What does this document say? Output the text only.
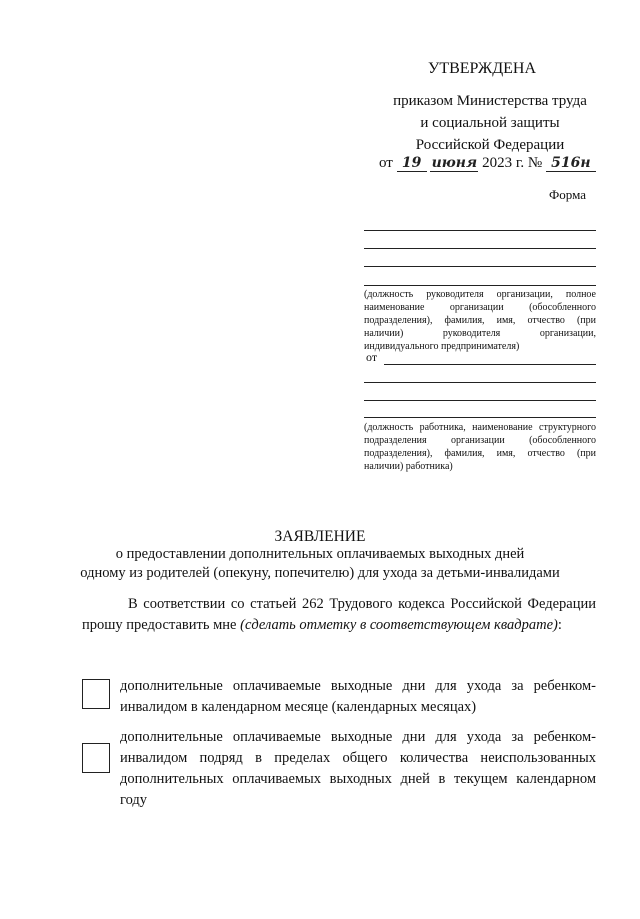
УТВЕРЖДЕНА
приказом Министерства труда
и социальной защиты
Российской Федерации
от 19 июня 2023 г. № 516н
Форма
(должность руководителя организации, полное наименование организации (обособленного подразделения), фамилия, имя, отчество (при наличии) руководителя организации, индивидуального предпринимателя)
от
(должность работника, наименование структурного подразделения организации (обособленного подразделения), фамилия, имя, отчество (при наличии) работника)
ЗАЯВЛЕНИЕ
о предоставлении дополнительных оплачиваемых выходных дней
одному из родителей (опекуну, попечителю) для ухода за детьми-инвалидами
В соответствии со статьей 262 Трудового кодекса Российской Федерации прошу предоставить мне (сделать отметку в соответствующем квадрате):
дополнительные оплачиваемые выходные дни для ухода за ребенком-инвалидом в календарном месяце (календарных месяцах)
дополнительные оплачиваемые выходные дни для ухода за ребенком-инвалидом подряд в пределах общего количества неиспользованных дополнительных оплачиваемых выходных дней в текущем календарном году
